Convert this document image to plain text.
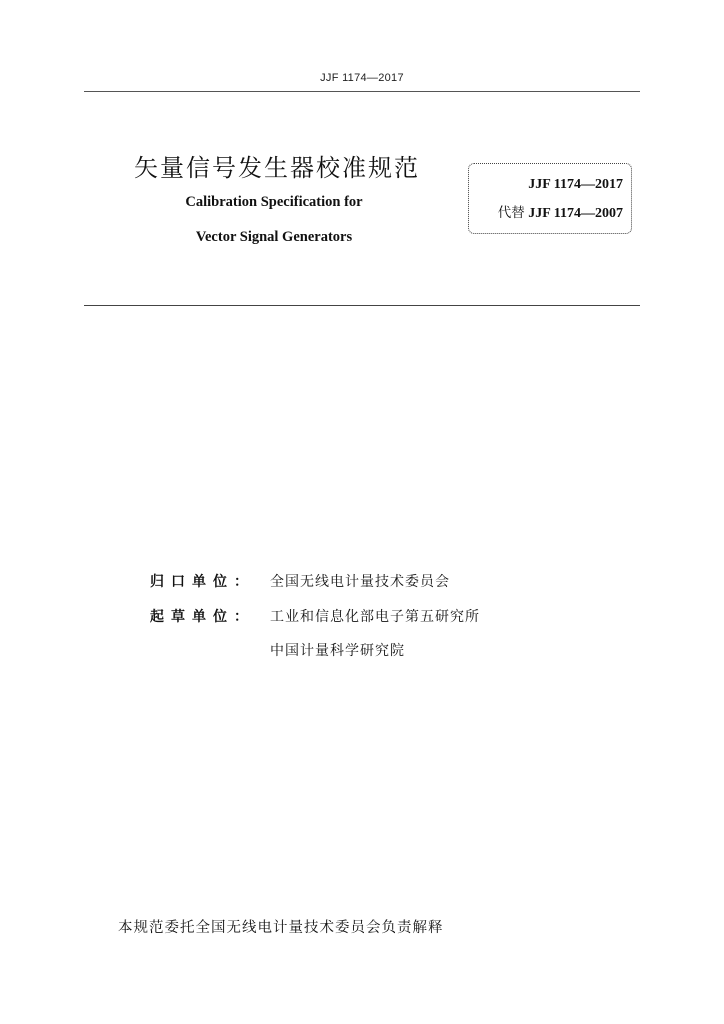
JJF 1174—2017
矢量信号发生器校准规范
Calibration Specification for
Vector Signal Generators
JJF 1174—2017
代替 JJF 1174—2007
归口单位： 全国无线电计量技术委员会
起草单位： 工业和信息化部电子第五研究所
中国计量科学研究院
本规范委托全国无线电计量技术委员会负责解释
